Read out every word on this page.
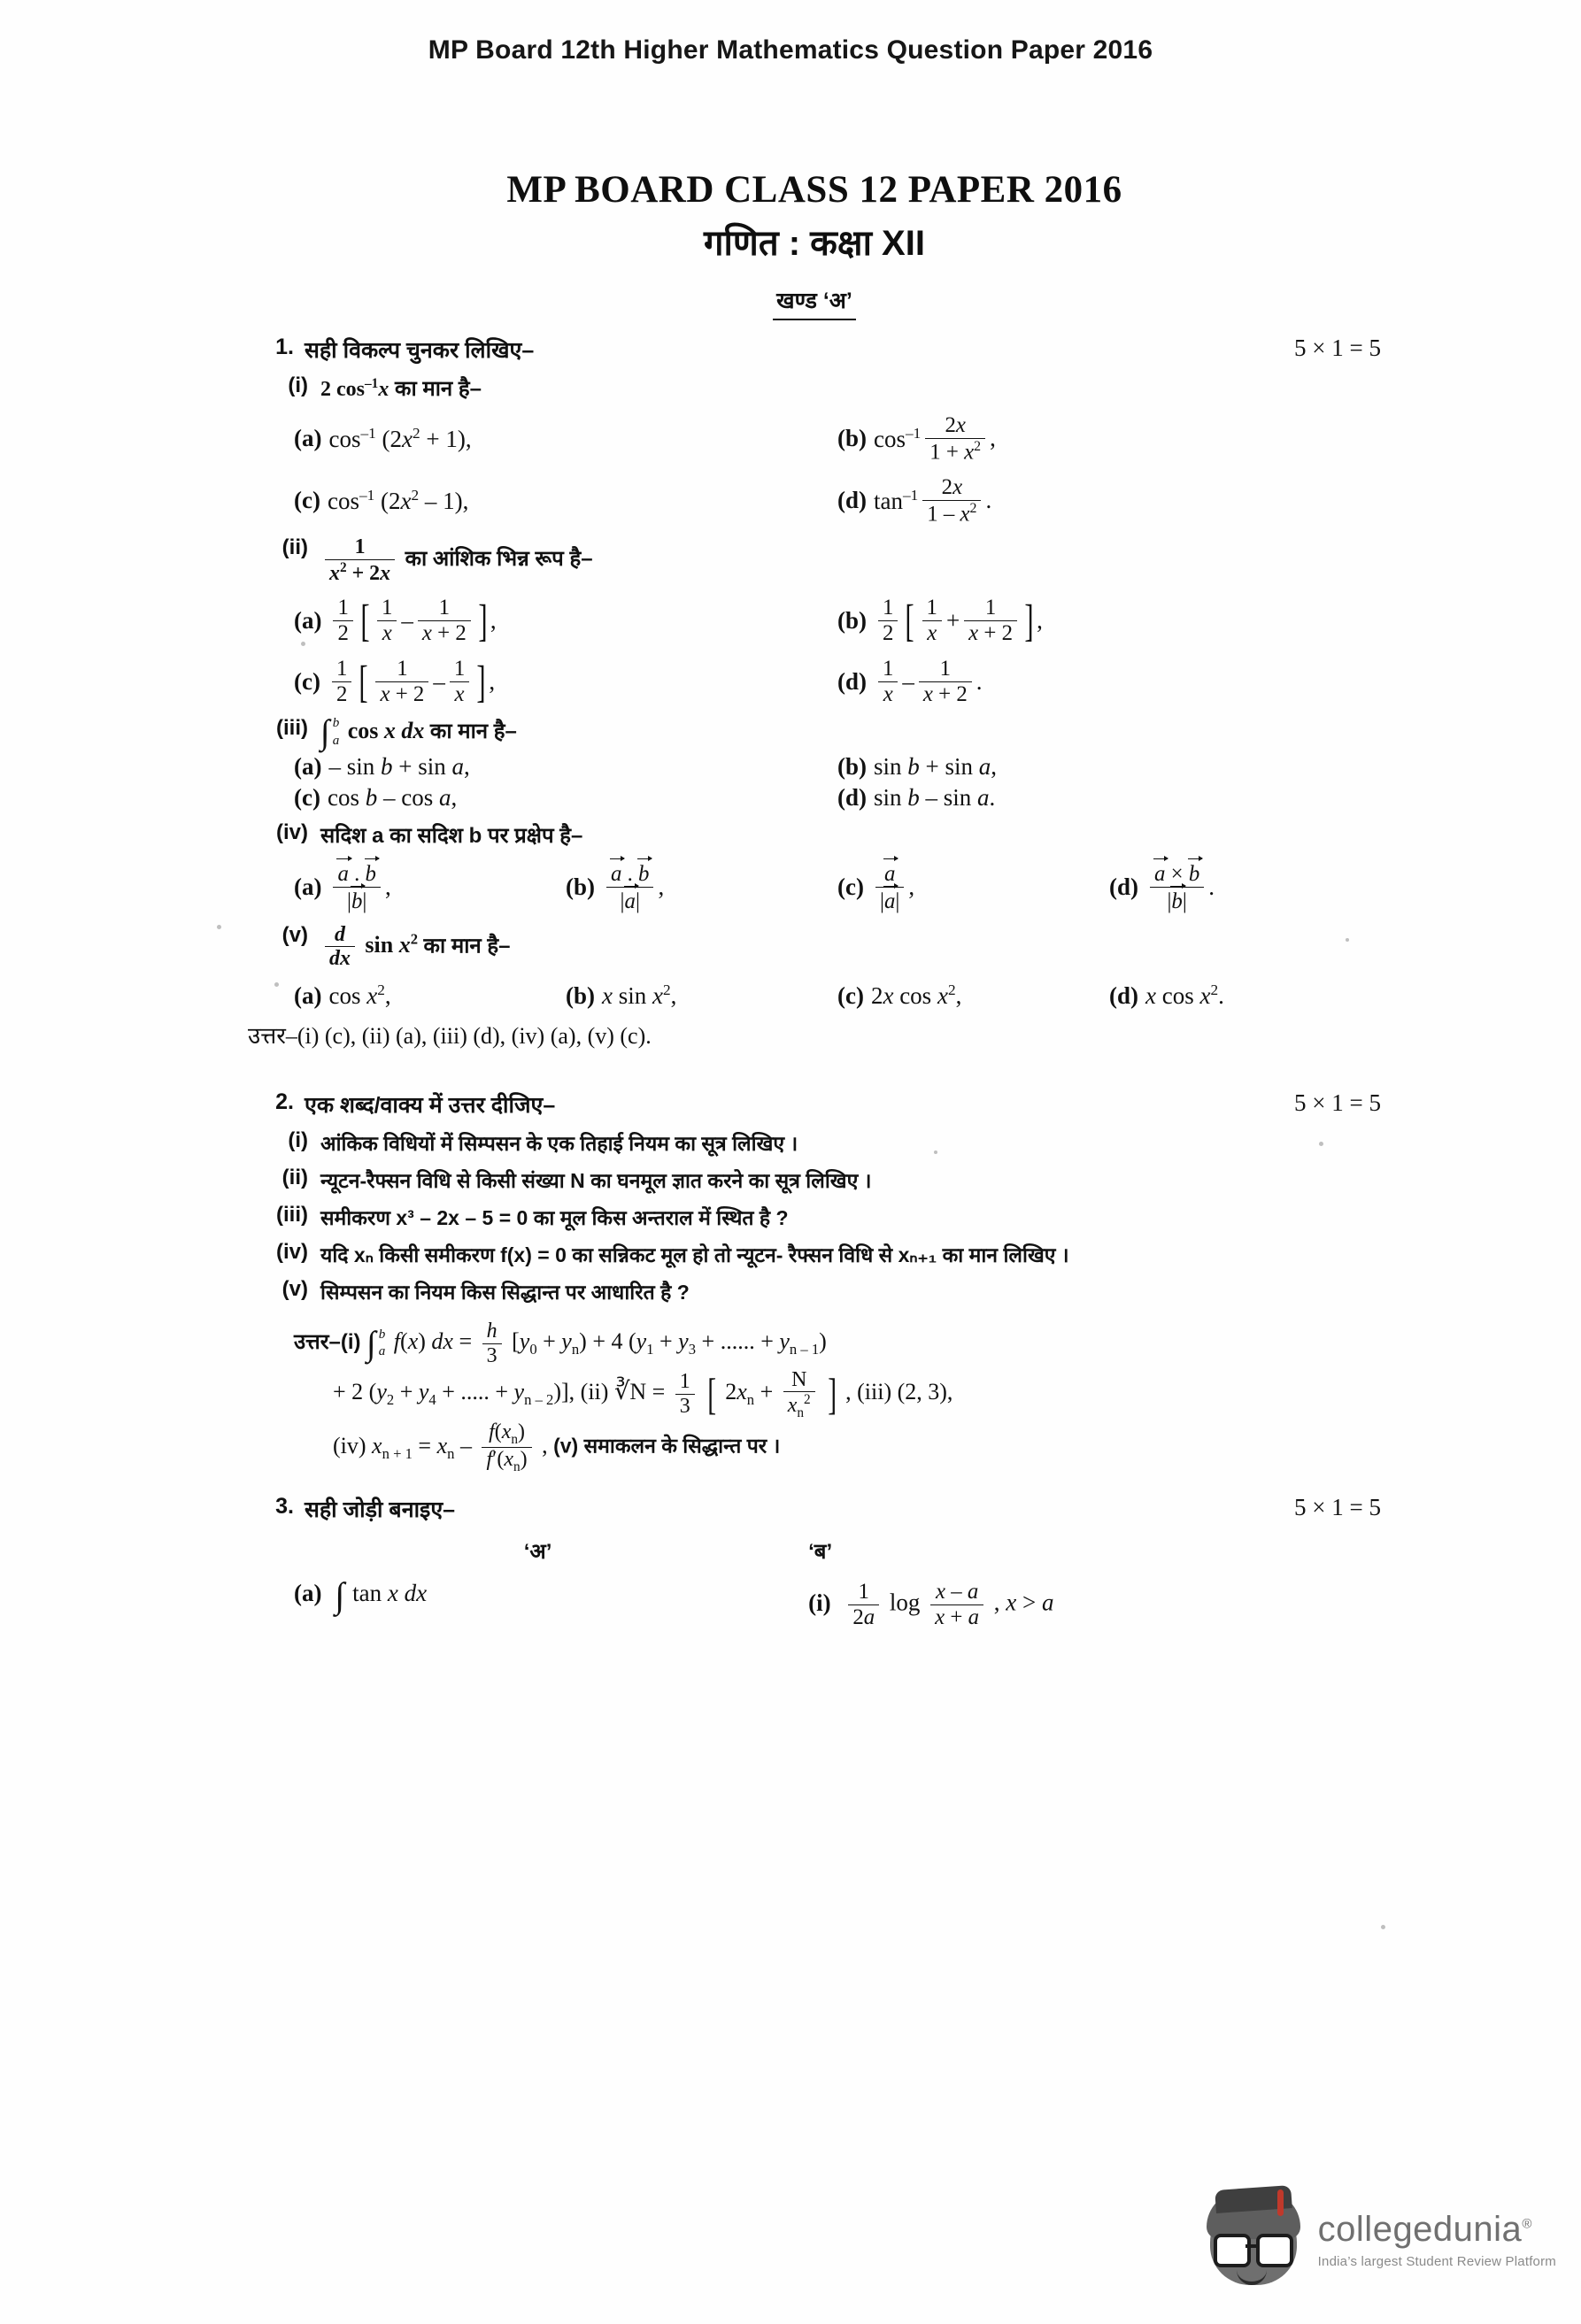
MP Board 12th Higher Mathematics Question Paper 2016
MP BOARD CLASS 12 PAPER 2016
गणित : कक्षा XII
खण्ड ‘अ’
1. सही विकल्प चुनकर लिखिए–	5 × 1 = 5
(i) 2 $\cos^{-1}x$ का मान है–
(a) $\cos^{-1} (2x^2 + 1)$,	(b) $\cos^{-1} \frac{2x}{1 + x^2}$ ,
(c) $\cos^{-1} (2x^2 - 1)$,	(d) $\tan^{-1} \frac{2x}{1 - x^2}$ .
$(ii) \frac{1}{x^2 + 2x}$ का आंशिक भिन्न रूप है–
$(a) \frac{1}{2}$ [ $\frac{1}{x} - \frac{1}{x + 2}$ ] ,	$(b) \frac{1}{2}$ [ $\frac{1}{x} + \frac{1}{x + 2}$ ] ,
$(c) \frac{1}{2}$ [ $\frac{1}{x + 2} - \frac{1}{x}$ ] ,	$(d) \frac{1}{x} - \frac{1}{x + 2}$ .
(iii) ∫ b
a cos x dx का मान है–
(a) – sin b + sin a,	(b) sin b + sin a,
(c) cos b – cos a,	(d) sin b – sin a.
(iv) सदिश a का सदिश b पर प्रक्षेप है–
$(a) \frac{a . b}{|b|}$ ,	$(b) \frac{a . b}{|a|}$ ,	$(c) \frac{a}{|a|}$ ,	$(d) \frac{a \times b}{|b|}$ .
$(v) \frac{d}{dx}$ $\sin x^2$ का मान है–
(a) $\cos x^2$,	(b) x $\sin x^2$,	(c) 2x $\cos x^2$,	(d) x $\cos x^2$.
उत्तर–(i) (c), (ii) (a), (iii) (d), (iv) (a), (v) (c).
2. एक शब्द/वाक्य में उत्तर दीजिए–	5 × 1 = 5
(i) आंकिक विधियों में सिम्पसन के एक तिहाई नियम का सूत्र लिखिए ।
(ii) न्यूटन-रैफ्सन विधि से किसी संख्या N का घनमूल ज्ञात करने का सूत्र लिखिए ।
(iii) समीकरण x³ – 2x – 5 = 0 का मूल किस अन्तराल में स्थित है ?
(iv) यदि xₙ किसी समीकरण f(x) = 0 का सन्निकट मूल हो तो न्यूटन- रैफ्सन विधि से xₙ₊₁ का मान लिखिए ।
(v) सिम्पसन का नियम किस सिद्धान्त पर आधारित है ?
उत्तर–(i) ∫ b
a f(x) dx = $\frac{h}{3} [y_0 + y_n) + 4$ ($y_1 + y_3$ + ...... + $y_{n - 1}$)
+ 2 ($y_2 + y_4$ + ..... + $y_{n - 2}$)], (ii) ∛N = $\frac{1}{3}$ [ $2x_n + \frac{N}{x_n^2}$ ] , (iii) (2, 3),
(iv) $x_{n + 1} = x_n - \frac{f(x_n)}{f'(x_n)}$ , (v) समाकलन के सिद्धान्त पर ।
3. सही जोड़ी बनाइए–	5 × 1 = 5
‘अ’	‘ब’
(a) ∫ tan x dx	$(i) \frac{1}{2a}$ $\log \frac{x - a}{x + a}$ , x > a
collegedunia®
India’s largest Student Review Platform
